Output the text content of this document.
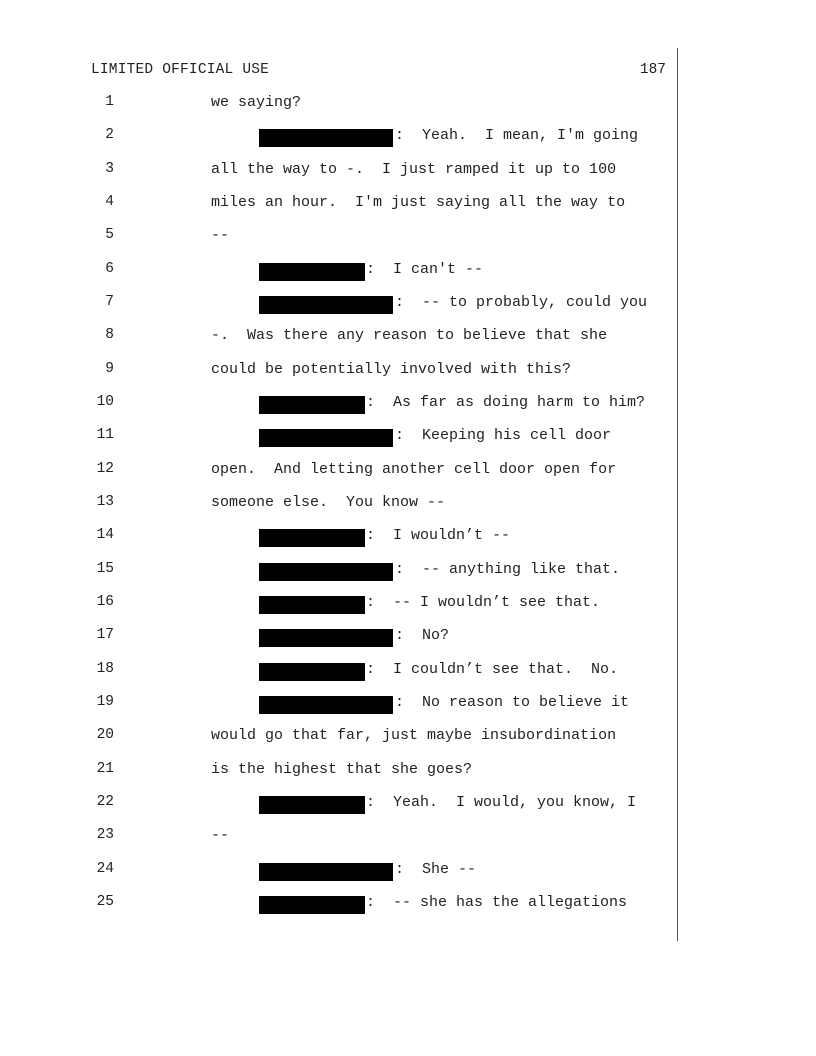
LIMITED OFFICIAL USE	187
1	we saying?
2	:  Yeah.  I mean, I'm going
3	all the way to -.  I just ramped it up to 100
4	miles an hour.  I'm just saying all the way to
5	--
6	:  I can't --
7	:  -- to probably, could you
8	-.  Was there any reason to believe that she
9	could be potentially involved with this?
10	:  As far as doing harm to him?
11	:  Keeping his cell door
12	open.  And letting another cell door open for
13	someone else.  You know --
14	:  I wouldn’t --
15	:  -- anything like that.
16	:  -- I wouldn’t see that.
17	:  No?
18	:  I couldn’t see that.  No.
19	:  No reason to believe it
20	would go that far, just maybe insubordination
21	is the highest that she goes?
22	:  Yeah.  I would, you know, I
23	--
24	:  She --
25	:  -- she has the allegations
